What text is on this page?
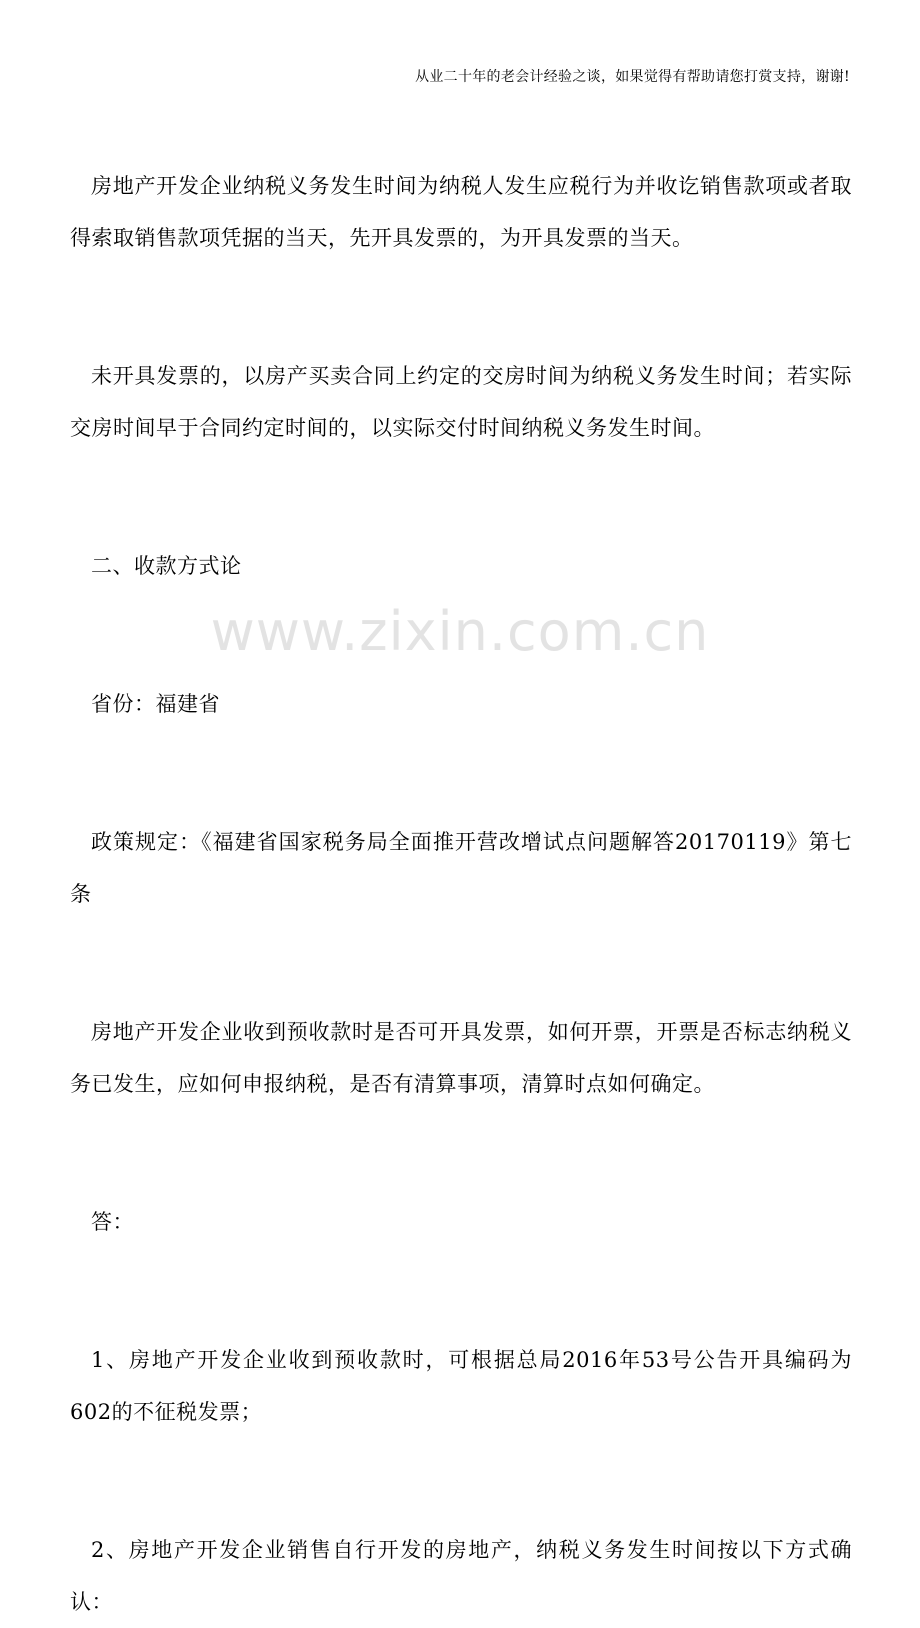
从业二十年的老会计经验之谈，如果觉得有帮助请您打赏支持，谢谢!
www.zixin.com.cn

房地产开发企业纳税义务发生时间为纳税人发生应税行为并收讫销售款项或者取得索取销售款项凭据的当天，先开具发票的，为开具发票的当天。

未开具发票的，以房产买卖合同上约定的交房时间为纳税义务发生时间；若实际交房时间早于合同约定时间的，以实际交付时间纳税义务发生时间。

二、收款方式论

省份：福建省

政策规定：《福建省国家税务局全面推开营改增试点问题解答20170119》第七条

房地产开发企业收到预收款时是否可开具发票，如何开票，开票是否标志纳税义务已发生，应如何申报纳税，是否有清算事项，清算时点如何确定。

答：

1、房地产开发企业收到预收款时，可根据总局2016年53号公告开具编码为602的不征税发票；

2、房地产开发企业销售自行开发的房地产，纳税义务发生时间按以下方式确认：
